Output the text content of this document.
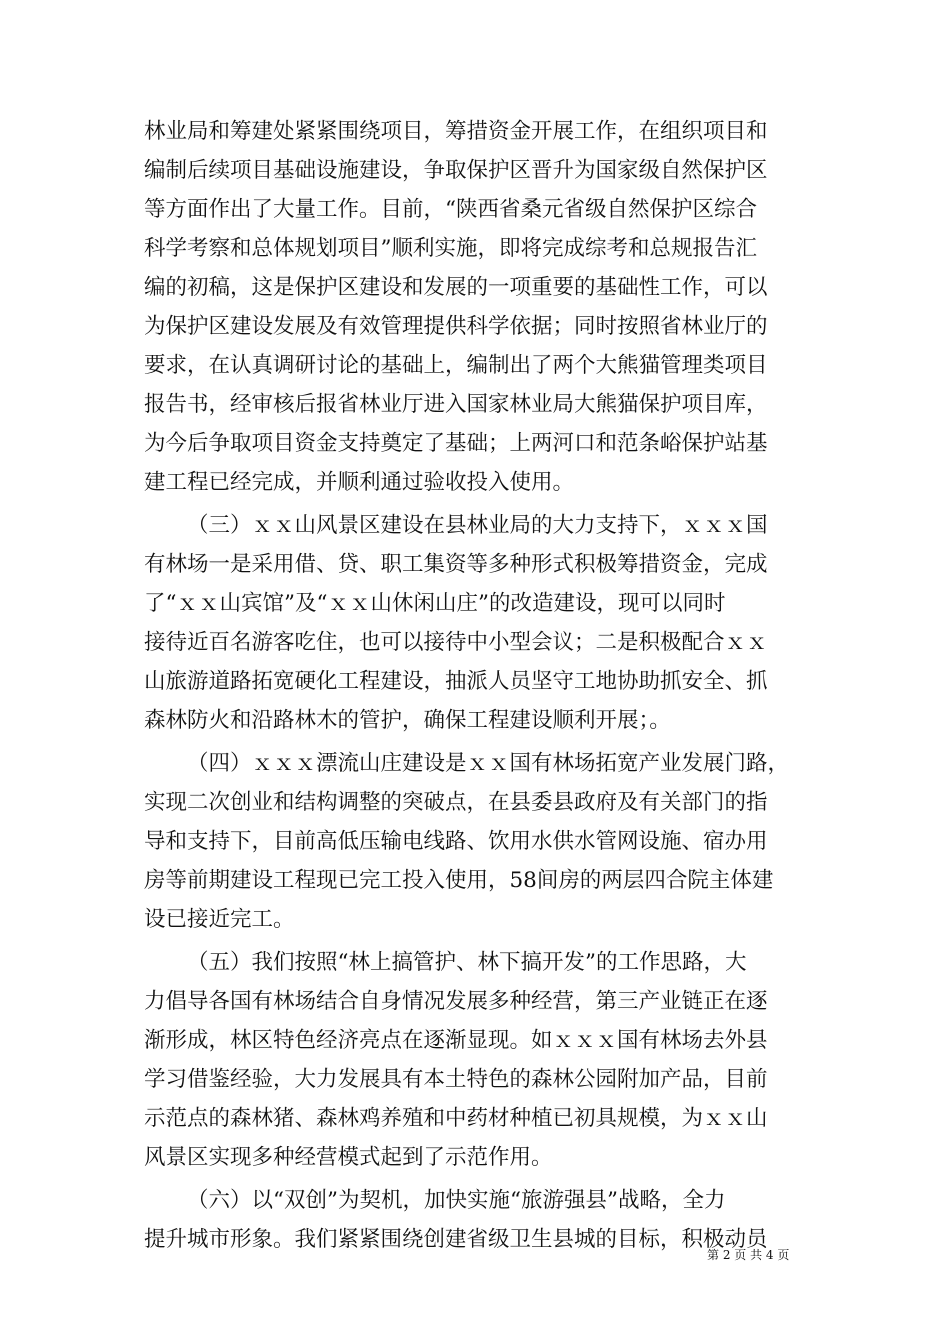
林业局和筹建处紧紧围绕项目，筹措资金开展工作，在组织项目和
编制后续项目基础设施建设，争取保护区晋升为国家级自然保护区
等方面作出了大量工作。目前，“陕西省桑元省级自然保护区综合
科学考察和总体规划项目”顺利实施，即将完成综考和总规报告汇
编的初稿，这是保护区建设和发展的一项重要的基础性工作，可以
为保护区建设发展及有效管理提供科学依据；同时按照省林业厅的
要求，在认真调研讨论的基础上，编制出了两个大熊猫管理类项目
报告书，经审核后报省林业厅进入国家林业局大熊猫保护项目库，
为今后争取项目资金支持奠定了基础；上两河口和范条峪保护站基
建工程已经完成，并顺利通过验收投入使用。
（三）ｘｘ山风景区建设在县林业局的大力支持下，ｘｘｘ国
有林场一是采用借、贷、职工集资等多种形式积极筹措资金，完成
了“ｘｘ山宾馆”及“ｘｘ山休闲山庄”的改造建设，现可以同时
接待近百名游客吃住，也可以接待中小型会议；二是积极配合ｘｘ
山旅游道路拓宽硬化工程建设，抽派人员坚守工地协助抓安全、抓
森林防火和沿路林木的管护，确保工程建设顺利开展；。
（四）ｘｘｘ漂流山庄建设是ｘｘ国有林场拓宽产业发展门路，
实现二次创业和结构调整的突破点，在县委县政府及有关部门的指
导和支持下，目前高低压输电线路、饮用水供水管网设施、宿办用
房等前期建设工程现已完工投入使用，58间房的两层四合院主体建
设已接近完工。
（五）我们按照“林上搞管护、林下搞开发”的工作思路，大
力倡导各国有林场结合自身情况发展多种经营，第三产业链正在逐
渐形成，林区特色经济亮点在逐渐显现。如ｘｘｘ国有林场去外县
学习借鉴经验，大力发展具有本土特色的森林公园附加产品，目前
示范点的森林猪、森林鸡养殖和中药材种植已初具规模，为ｘｘ山
风景区实现多种经营模式起到了示范作用。
（六）以“双创”为契机，加快实施“旅游强县”战略，全力
提升城市形象。我们紧紧围绕创建省级卫生县城的目标，积极动员
第 2 页 共 4 页
